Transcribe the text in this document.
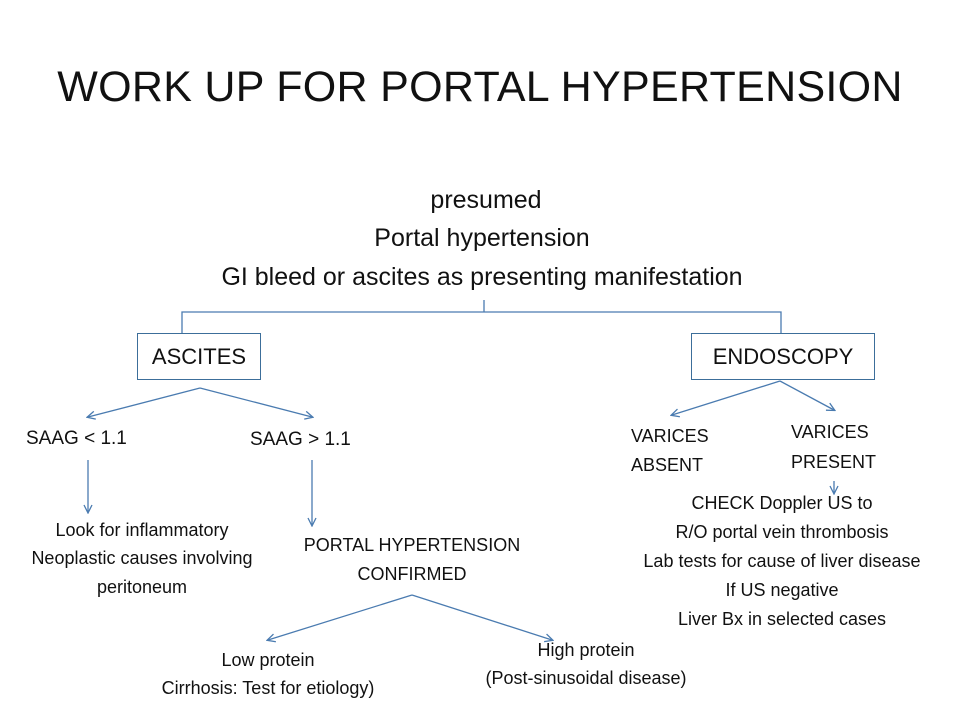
WORK UP FOR PORTAL HYPERTENSION
presumed
Portal hypertension
GI bleed or ascites as presenting manifestation
ASCITES	ENDOSCOPY
SAAG < 1.1	SAAG > 1.1
Look for inflammatory
Neoplastic causes involving
peritoneum
PORTAL HYPERTENSION
CONFIRMED
Low protein
Cirrhosis: Test for etiology)
High protein
(Post-sinusoidal disease)
VARICES
ABSENT
VARICES
PRESENT
CHECK Doppler US to
R/O portal vein thrombosis
Lab tests for cause of liver disease
If US negative
Liver Bx in selected cases
